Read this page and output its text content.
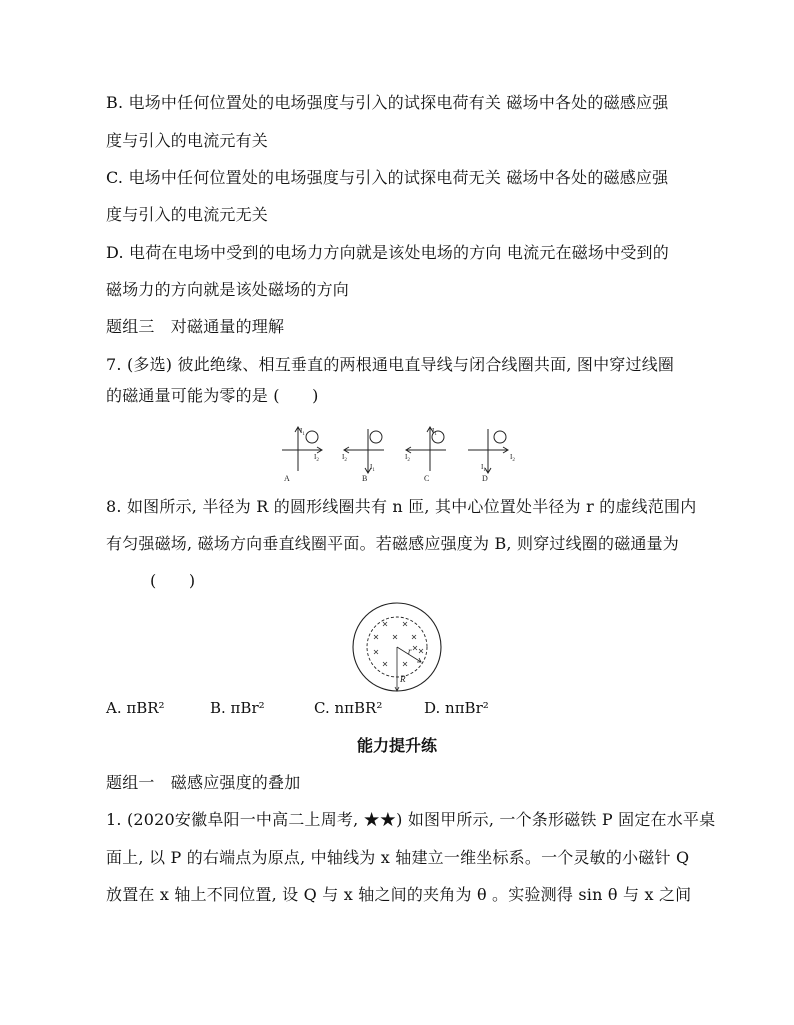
B. 电场中任何位置处的电场强度与引入的试探电荷有关 磁场中各处的磁感应强
度与引入的电流元有关
C. 电场中任何位置处的电场强度与引入的试探电荷无关 磁场中各处的磁感应强
度与引入的电流元无关
D. 电荷在电场中受到的电场力方向就是该处电场的方向 电流元在磁场中受到的
磁场力的方向就是该处磁场的方向
题组三　对磁通量的理解
7. (多选) 彼此绝缘、相互垂直的两根通电直导线与闭合线圈共面, 图中穿过线圈
的磁通量可能为零的是 (　　)
$I_1$
$I_2$
$I_1$
$I_2$
$I_1$
$I_2$
$I_1$
$I_2$
A	B	C	D
8. 如图所示, 半径为 R 的圆形线圈共有 n 匝, 其中心位置处半径为 r 的虚线范围内
有匀强磁场, 磁场方向垂直线圈平面。若磁感应强度为 B, 则穿过线圈的磁通量为
(　　)
r
R
A. πBR²	B. πBr²	C. nπBR²	D. nπBr²
能力提升练
题组一　磁感应强度的叠加
1. (2020安徽阜阳一中高二上周考, ★★) 如图甲所示, 一个条形磁铁 P 固定在水平桌
面上, 以 P 的右端点为原点, 中轴线为 x 轴建立一维坐标系。一个灵敏的小磁针 Q
放置在 x 轴上不同位置, 设 Q 与 x 轴之间的夹角为 θ 。实验测得 sin θ 与 x 之间
